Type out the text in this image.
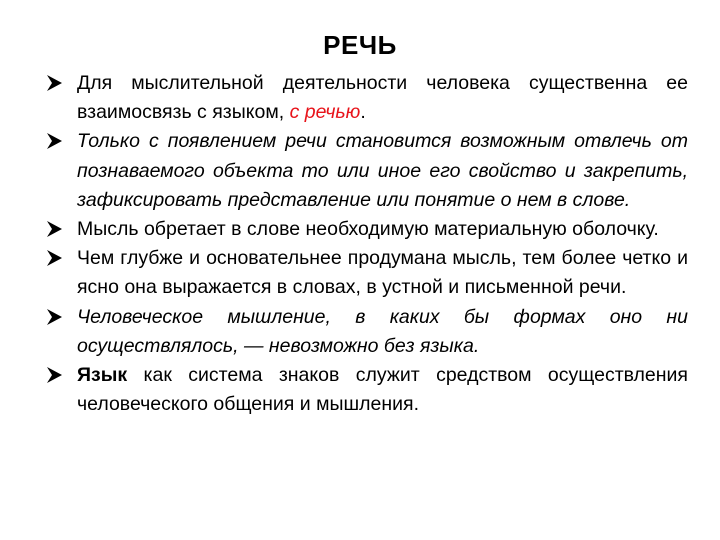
РЕЧЬ
Для мыслительной деятельности человека существенна ее взаимосвязь с языком, с речью.
Только с появлением речи становится возможным отвлечь от познаваемого объекта то или иное его свойство и закрепить, зафиксировать представление или понятие о нем в слове.
Мысль обретает в слове необходимую материальную оболочку.
Чем глубже и основательнее продумана мысль, тем более четко и ясно она выражается в словах, в устной и письменной речи.
Человеческое мышление, в каких бы формах оно ни осуществлялось, — невозможно без языка.
Язык как система знаков служит средством осуществления человеческого общения и мышления.
